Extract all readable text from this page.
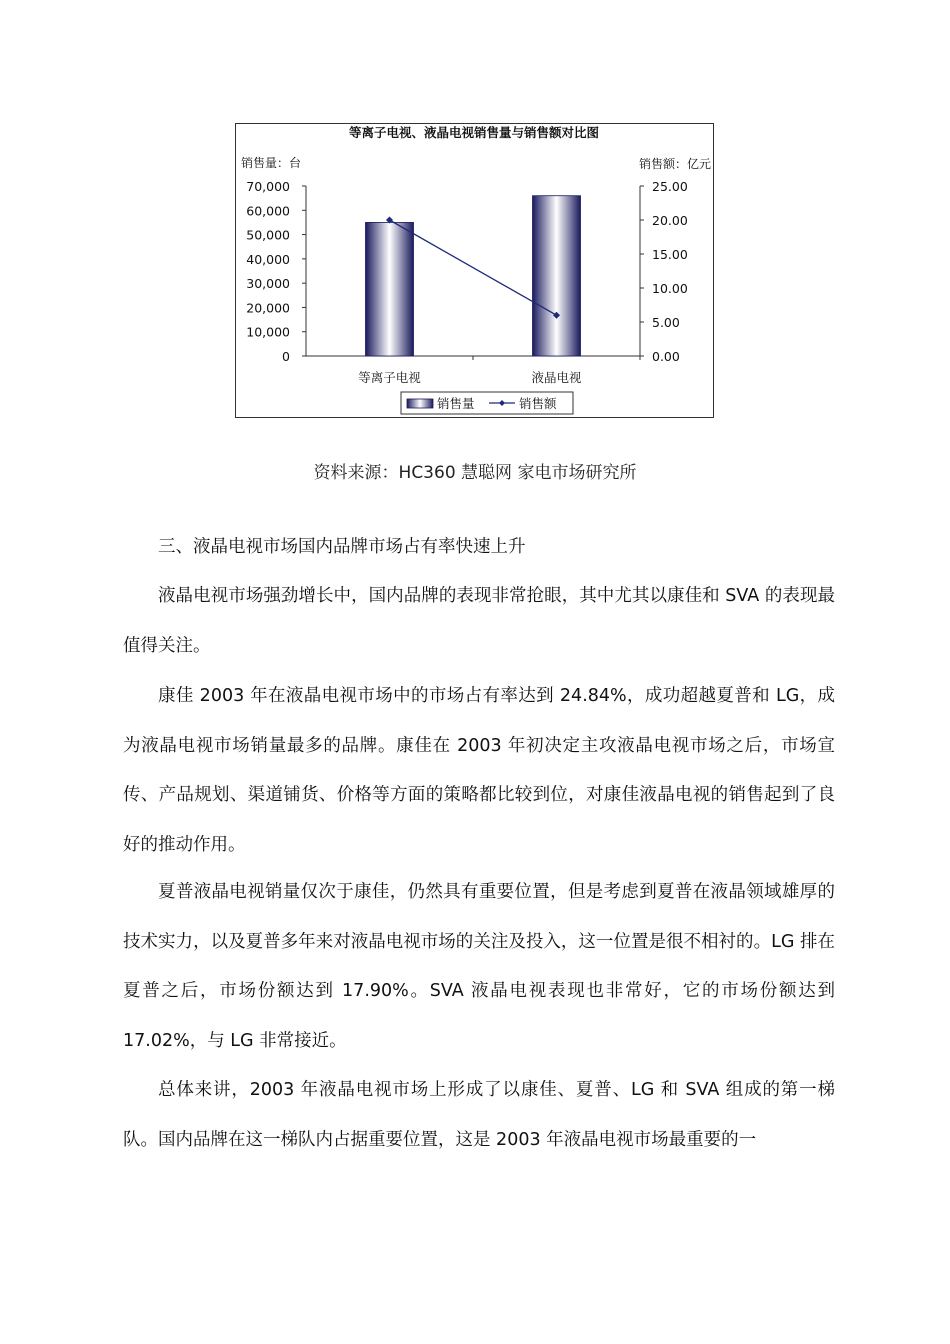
等离子电视、液晶电视销售量与销售额对比图
销售量：台	销售额：亿元
0
10,000
20,000
30,000
40,000
50,000
60,000
70,000
0.00
5.00
10.00
15.00
20.00
25.00
等离子电视	液晶电视
销售量	销售额
资料来源：HC360 慧聪网 家电市场研究所

三、液晶电视市场国内品牌市场占有率快速上升

液晶电视市场强劲增长中，国内品牌的表现非常抢眼，其中尤其以康佳和 SVA 的表现最值得关注。

康佳 2003 年在液晶电视市场中的市场占有率达到 24.84%，成功超越夏普和 LG，成为液晶电视市场销量最多的品牌。康佳在 2003 年初决定主攻液晶电视市场之后，市场宣传、产品规划、渠道铺货、价格等方面的策略都比较到位，对康佳液晶电视的销售起到了良好的推动作用。

夏普液晶电视销量仅次于康佳，仍然具有重要位置，但是考虑到夏普在液晶领域雄厚的技术实力，以及夏普多年来对液晶电视市场的关注及投入，这一位置是很不相衬的。LG 排在夏普之后，市场份额达到 17.90%。SVA 液晶电视表现也非常好，它的市场份额达到 17.02%，与 LG 非常接近。

总体来讲，2003 年液晶电视市场上形成了以康佳、夏普、LG 和 SVA 组成的第一梯队。国内品牌在这一梯队内占据重要位置，这是 2003 年液晶电视市场最重要的一
